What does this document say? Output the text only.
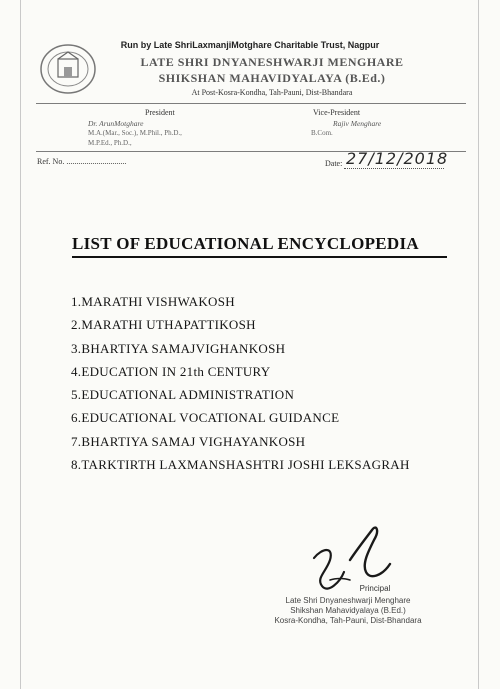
Run by Late ShriLaxmanjiMotghare Charitable Trust, Nagpur
LATE SHRI DNYANESHWARJI MENGHARE
SHIKSHAN MAHAVIDYALAYA (B.Ed.)
At Post-Kosra-Kondha, Tah-Pauni, Dist-Bhandara
President
Dr. ArunMotghare
M.A.(Mar., Soc.), M.Phil., Ph.D.,
M.P.Ed., Ph.D.,
Vice-President
Rajiv Menghare
B.Com.
Ref. No. ..............................	Date: 27/12/2018
LIST OF EDUCATIONAL ENCYCLOPEDIA
1.MARATHI VISHWAKOSH
2.MARATHI UTHAPATTIKOSH
3.BHARTIYA SAMAJVIGHANKOSH
4.EDUCATION IN 21th CENTURY
5.EDUCATIONAL ADMINISTRATION
6.EDUCATIONAL VOCATIONAL GUIDANCE
7.BHARTIYA SAMAJ VIGHAYANKOSH
8.TARKTIRTH LAXMANSHASHTRI JOSHI LEKSAGRAH
Principal
Late Shri Dnyaneshwarji Menghare
Shikshan Mahavidyalaya (B.Ed.)
Kosra-Kondha, Tah-Pauni, Dist-Bhandara
